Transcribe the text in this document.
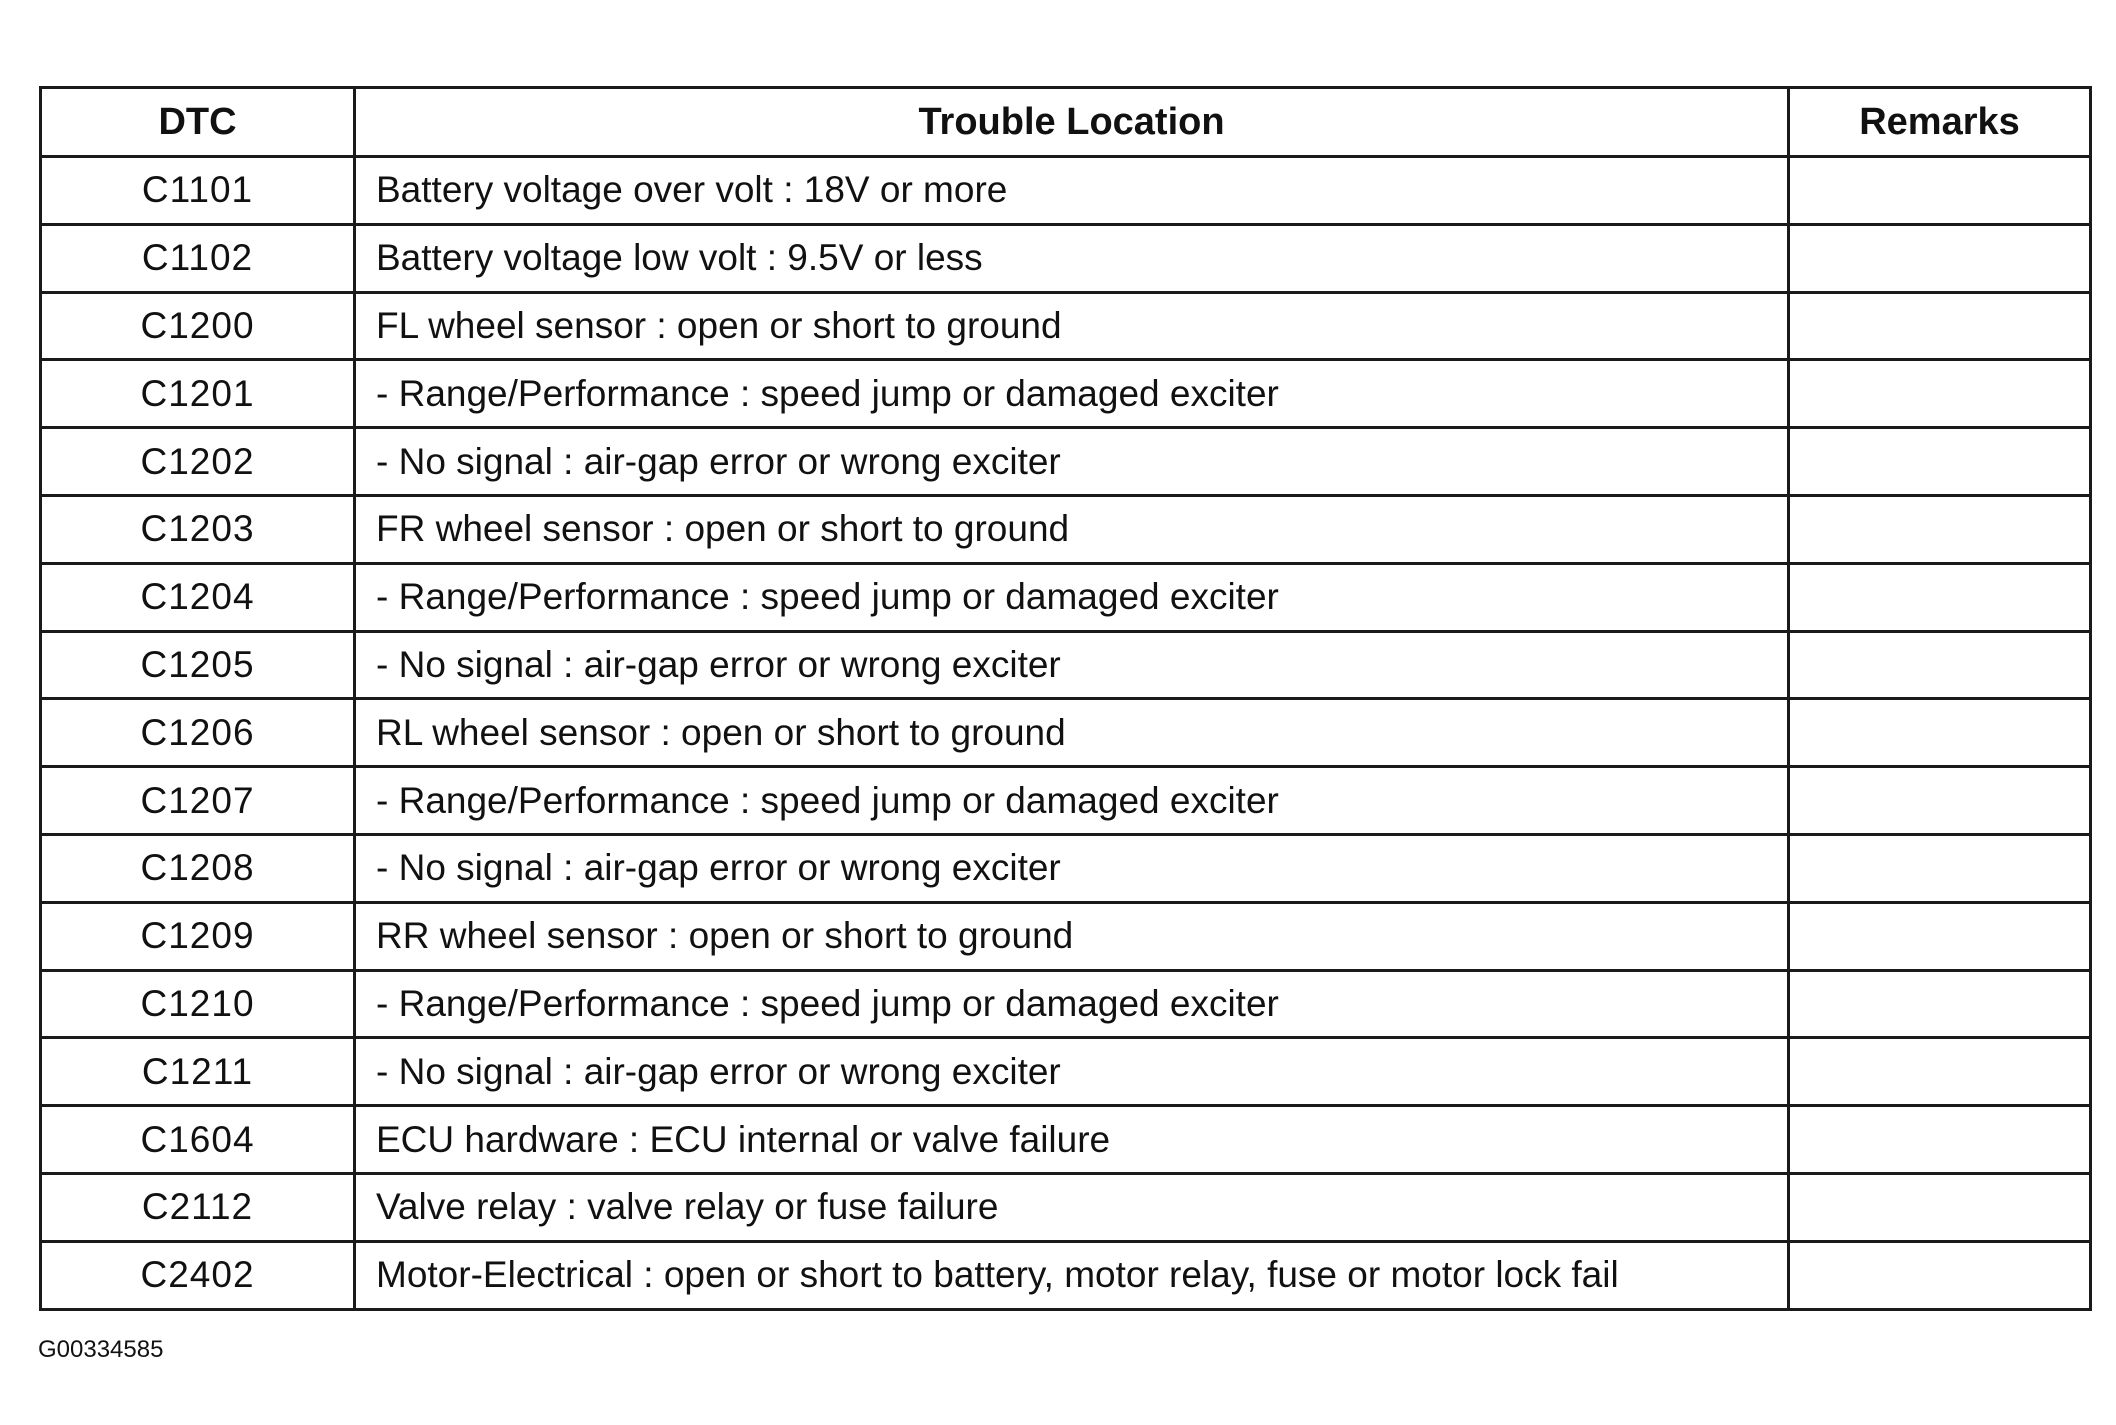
DTC	Trouble Location	Remarks
C1101	Battery voltage over volt : 18V or more	
C1102	Battery voltage low volt : 9.5V or less	
C1200	FL wheel sensor : open or short to ground	
C1201	- Range/Performance : speed jump or damaged exciter	
C1202	- No signal : air-gap error or wrong exciter	
C1203	FR wheel sensor : open or short to ground	
C1204	- Range/Performance : speed jump or damaged exciter	
C1205	- No signal : air-gap error or wrong exciter	
C1206	RL wheel sensor : open or short to ground	
C1207	- Range/Performance : speed jump or damaged exciter	
C1208	- No signal : air-gap error or wrong exciter	
C1209	RR wheel sensor : open or short to ground	
C1210	- Range/Performance : speed jump or damaged exciter	
C1211	- No signal : air-gap error or wrong exciter	
C1604	ECU hardware : ECU internal or valve failure	
C2112	Valve relay : valve relay or fuse failure	
C2402	Motor-Electrical : open or short to battery, motor relay, fuse or motor lock fail	
G00334585
